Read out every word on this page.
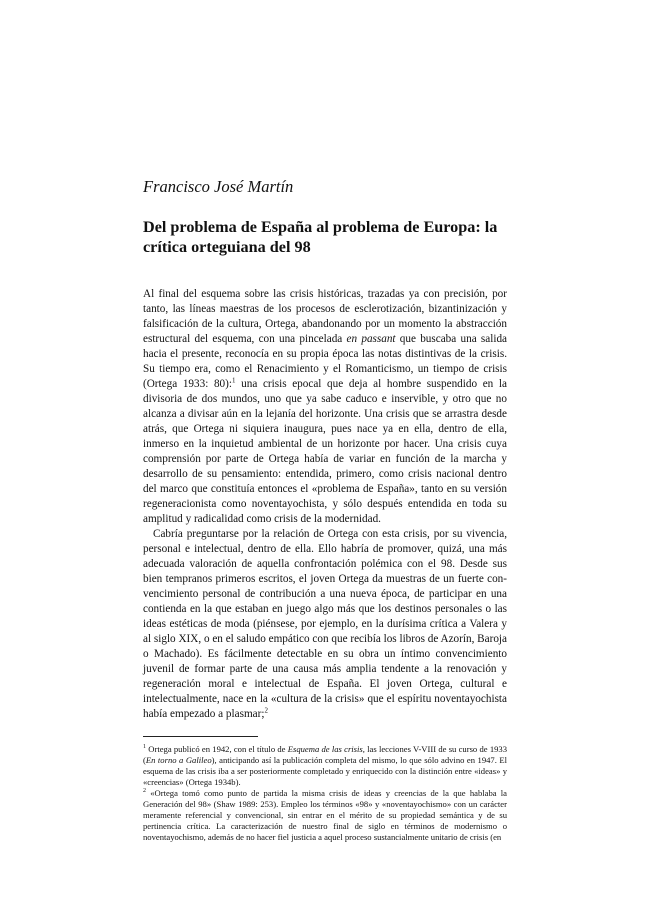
Francisco José Martín
Del problema de España al problema de Europa: la crítica orteguiana del 98

Al final del esquema sobre las crisis históricas, trazadas ya con precisión, por tanto, las líneas maestras de los procesos de esclerotización, bizantinización y falsificación de la cultura, Ortega, abandonando por un momento la abstracción estructural del esquema, con una pincelada en passant que buscaba una salida hacia el presente, reconocía en su propia época las notas distintivas de la crisis. Su tiempo era, como el Renacimiento y el Romanticismo, un tiempo de crisis (Ortega 1933: 80):$^1$ una crisis epocal que deja al hombre suspendido en la divisoria de dos mundos, uno que ya sabe caduco e inservible, y otro que no alcanza a divisar aún en la lejanía del horizonte. Una crisis que se arrastra desde atrás, que Ortega ni siquiera inaugura, pues nace ya en ella, dentro de ella, inmerso en la inquietud ambiental de un horizonte por hacer. Una crisis cuya comprensión por parte de Ortega había de variar en función de la marcha y desarrollo de su pensamiento: entendida, primero, como crisis nacional dentro del marco que constituía entonces el «problema de España», tanto en su versión regeneracionista como noventayochista, y sólo después entendida en toda su amplitud y radicalidad como crisis de la modernidad.

Cabría preguntarse por la relación de Ortega con esta crisis, por su vivencia, personal e intelectual, dentro de ella. Ello habría de promover, quizá, una más adecuada valoración de aquella confrontación polémica con el 98. Desde sus bien tempranos primeros escritos, el joven Ortega da muestras de un fuerte convencimiento personal de contribución a una nueva época, de participar en una contienda en la que estaban en juego algo más que los destinos personales o las ideas estéticas de moda (piénsese, por ejemplo, en la durísima crítica a Valera y al siglo XIX, o en el saludo empático con que recibía los libros de Azorín, Baroja o Machado). Es fácilmente detectable en su obra un íntimo convencimiento juvenil de formar parte de una causa más amplia tendente a la renovación y regeneración moral e intelectual de España. El joven Ortega, cultural e intelectualmente, nace en la «cultura de la crisis» que el espíritu noventayochista había empezado a plasmar;$^2$

$^1$ Ortega publicó en 1942, con el título de Esquema de las crisis, las lecciones V-VIII de su curso de 1933 (En torno a Galileo), anticipando así la publicación completa del mismo, lo que sólo advino en 1947. El esquema de las crisis iba a ser posteriormente completado y enriquecido con la distinción entre «ideas» y «creencias» (Ortega 1934b).

$^2$ «Ortega tomó como punto de partida la misma crisis de ideas y creencias de la que hablaba la Generación del 98» (Shaw 1989: 253). Empleo los términos «98» y «noventayochismo» con un carácter meramente referencial y convencional, sin entrar en el mérito de su propiedad semántica y de su pertinencia crítica. La caracterización de nuestro final de siglo en términos de modernismo o noventayochismo, además de no hacer fiel justicia a aquel proceso sustancialmente unitario de crisis (en
